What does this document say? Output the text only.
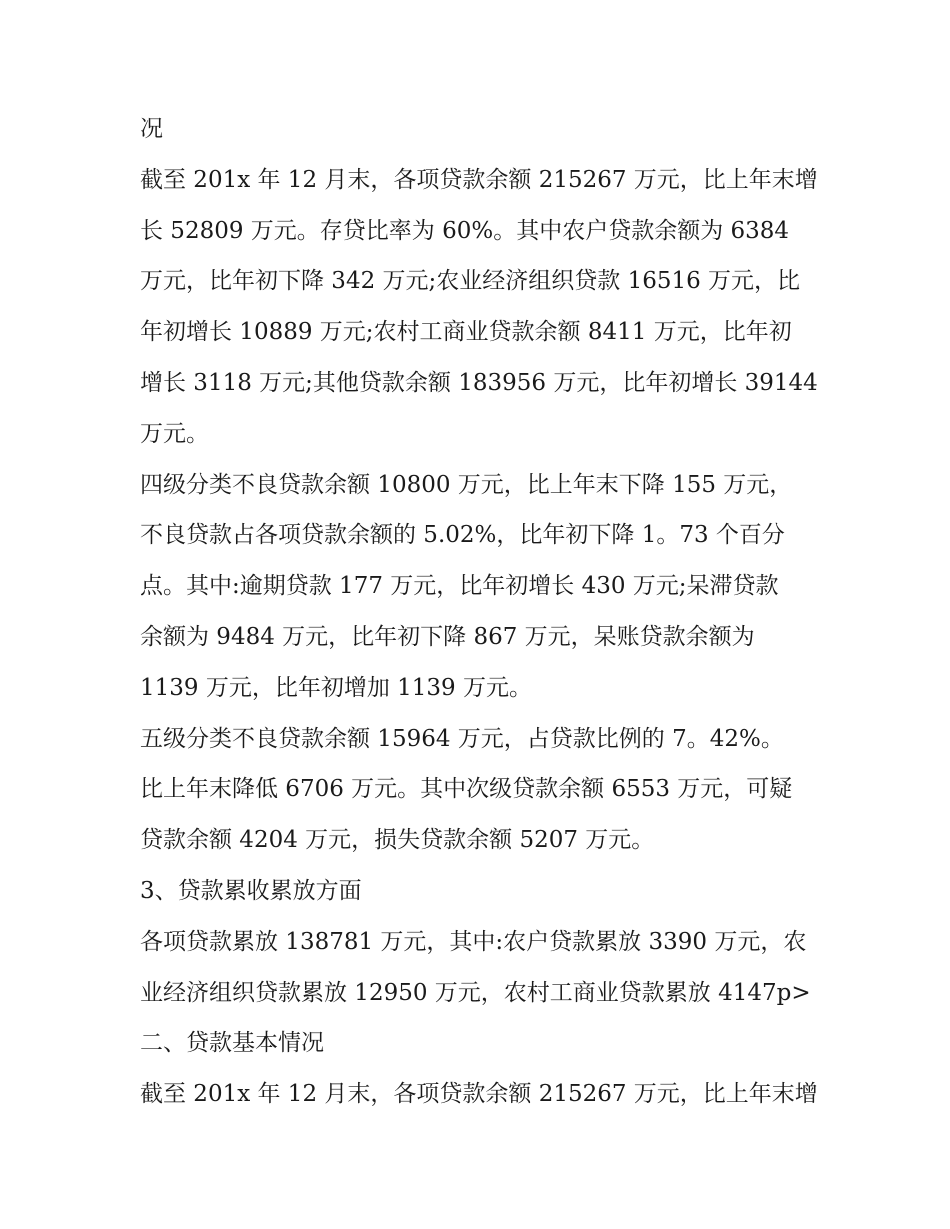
况
截至 201x 年 12 月末，各项贷款余额 215267 万元，比上年末增
长 52809 万元。存贷比率为 60%。其中农户贷款余额为 6384
万元，比年初下降 342 万元;农业经济组织贷款 16516 万元，比
年初增长 10889 万元;农村工商业贷款余额 8411 万元，比年初
增长 3118 万元;其他贷款余额 183956 万元，比年初增长 39144
万元。
四级分类不良贷款余额 10800 万元，比上年末下降 155 万元，
不良贷款占各项贷款余额的 5.02%，比年初下降 1。73 个百分
点。其中:逾期贷款 177 万元，比年初增长 430 万元;呆滞贷款
余额为 9484 万元，比年初下降 867 万元，呆账贷款余额为
1139 万元，比年初增加 1139 万元。
五级分类不良贷款余额 15964 万元，占贷款比例的 7。42%。
比上年末降低 6706 万元。其中次级贷款余额 6553 万元，可疑
贷款余额 4204 万元，损失贷款余额 5207 万元。
3、贷款累收累放方面
各项贷款累放 138781 万元，其中:农户贷款累放 3390 万元，农
业经济组织贷款累放 12950 万元，农村工商业贷款累放 4147p>
二、贷款基本情况
截至 201x 年 12 月末，各项贷款余额 215267 万元，比上年末增
